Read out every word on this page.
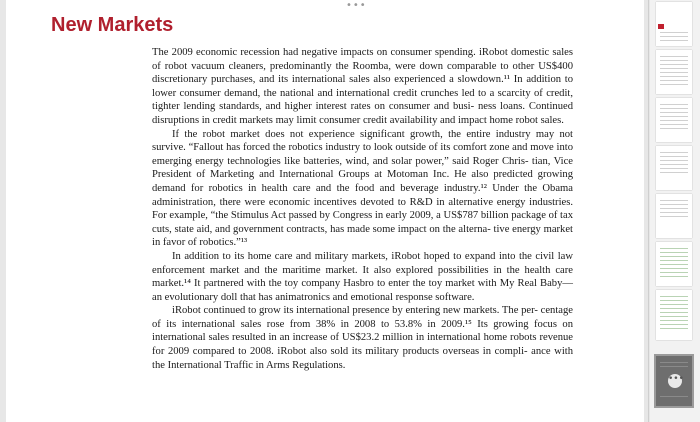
•••
New Markets

The 2009 economic recession had negative impacts on consumer spending. iRobot domestic sales of robot vacuum cleaners, predominantly the Roomba, were down comparable to other US$400 discretionary purchases, and its international sales also experienced a slowdown.¹¹ In addition to lower consumer demand, the national and international credit crunches led to a scarcity of credit, tighter lending standards, and higher interest rates on consumer and busi- ness loans. Continued disruptions in credit markets may limit consumer credit availability and impact home robot sales.

If the robot market does not experience significant growth, the entire industry may not survive. “Fallout has forced the robotics industry to look outside of its comfort zone and move into emerging energy technologies like batteries, wind, and solar power,” said Roger Chris- tian, Vice President of Marketing and International Groups at Motoman Inc. He also predicted growing demand for robotics in health care and the food and beverage industry.¹² Under the Obama administration, there were economic incentives devoted to R&D in alternative energy industries. For example, “the Stimulus Act passed by Congress in early 2009, a US$787 billion package of tax cuts, state aid, and government contracts, has made some impact on the alterna- tive energy market in favor of robotics.”¹³

In addition to its home care and military markets, iRobot hoped to expand into the civil law enforcement market and the maritime market. It also explored possibilities in the health care market.¹⁴ It partnered with the toy company Hasbro to enter the toy market with My Real Baby—an evolutionary doll that has animatronics and emotional response software.

iRobot continued to grow its international presence by entering new markets. The per- centage of its international sales rose from 38% in 2008 to 53.8% in 2009.¹⁵ Its growing focus on international sales resulted in an increase of US$23.2 million in international home robots revenue for 2009 compared to 2008. iRobot also sold its military products overseas in compli- ance with the International Traffic in Arms Regulations.

•••
